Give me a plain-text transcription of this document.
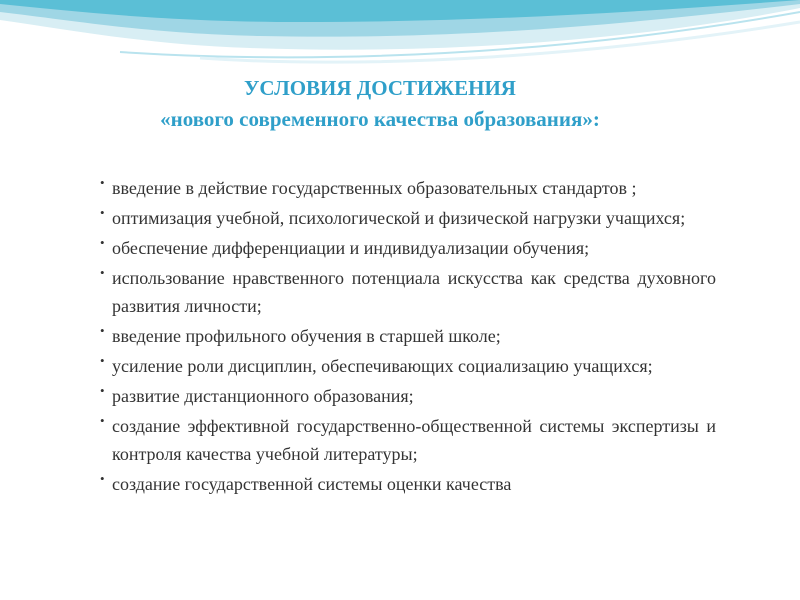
УСЛОВИЯ ДОСТИЖЕНИЯ
«нового современного качества образования»:
• введение в действие государственных образовательных стандартов ;
• оптимизация учебной, психологической и физической нагрузки учащихся;
• обеспечение дифференциации и индивидуализации обучения;
• использование нравственного потенциала искусства как средства духовного развития личности;
• введение профильного обучения в старшей школе;
• усиление роли дисциплин, обеспечивающих социализацию учащихся;
• развитие дистанционного образования;
• создание эффективной государственно-общественной системы экспертизы и контроля качества учебной литературы;
• создание государственной системы оценки качества
